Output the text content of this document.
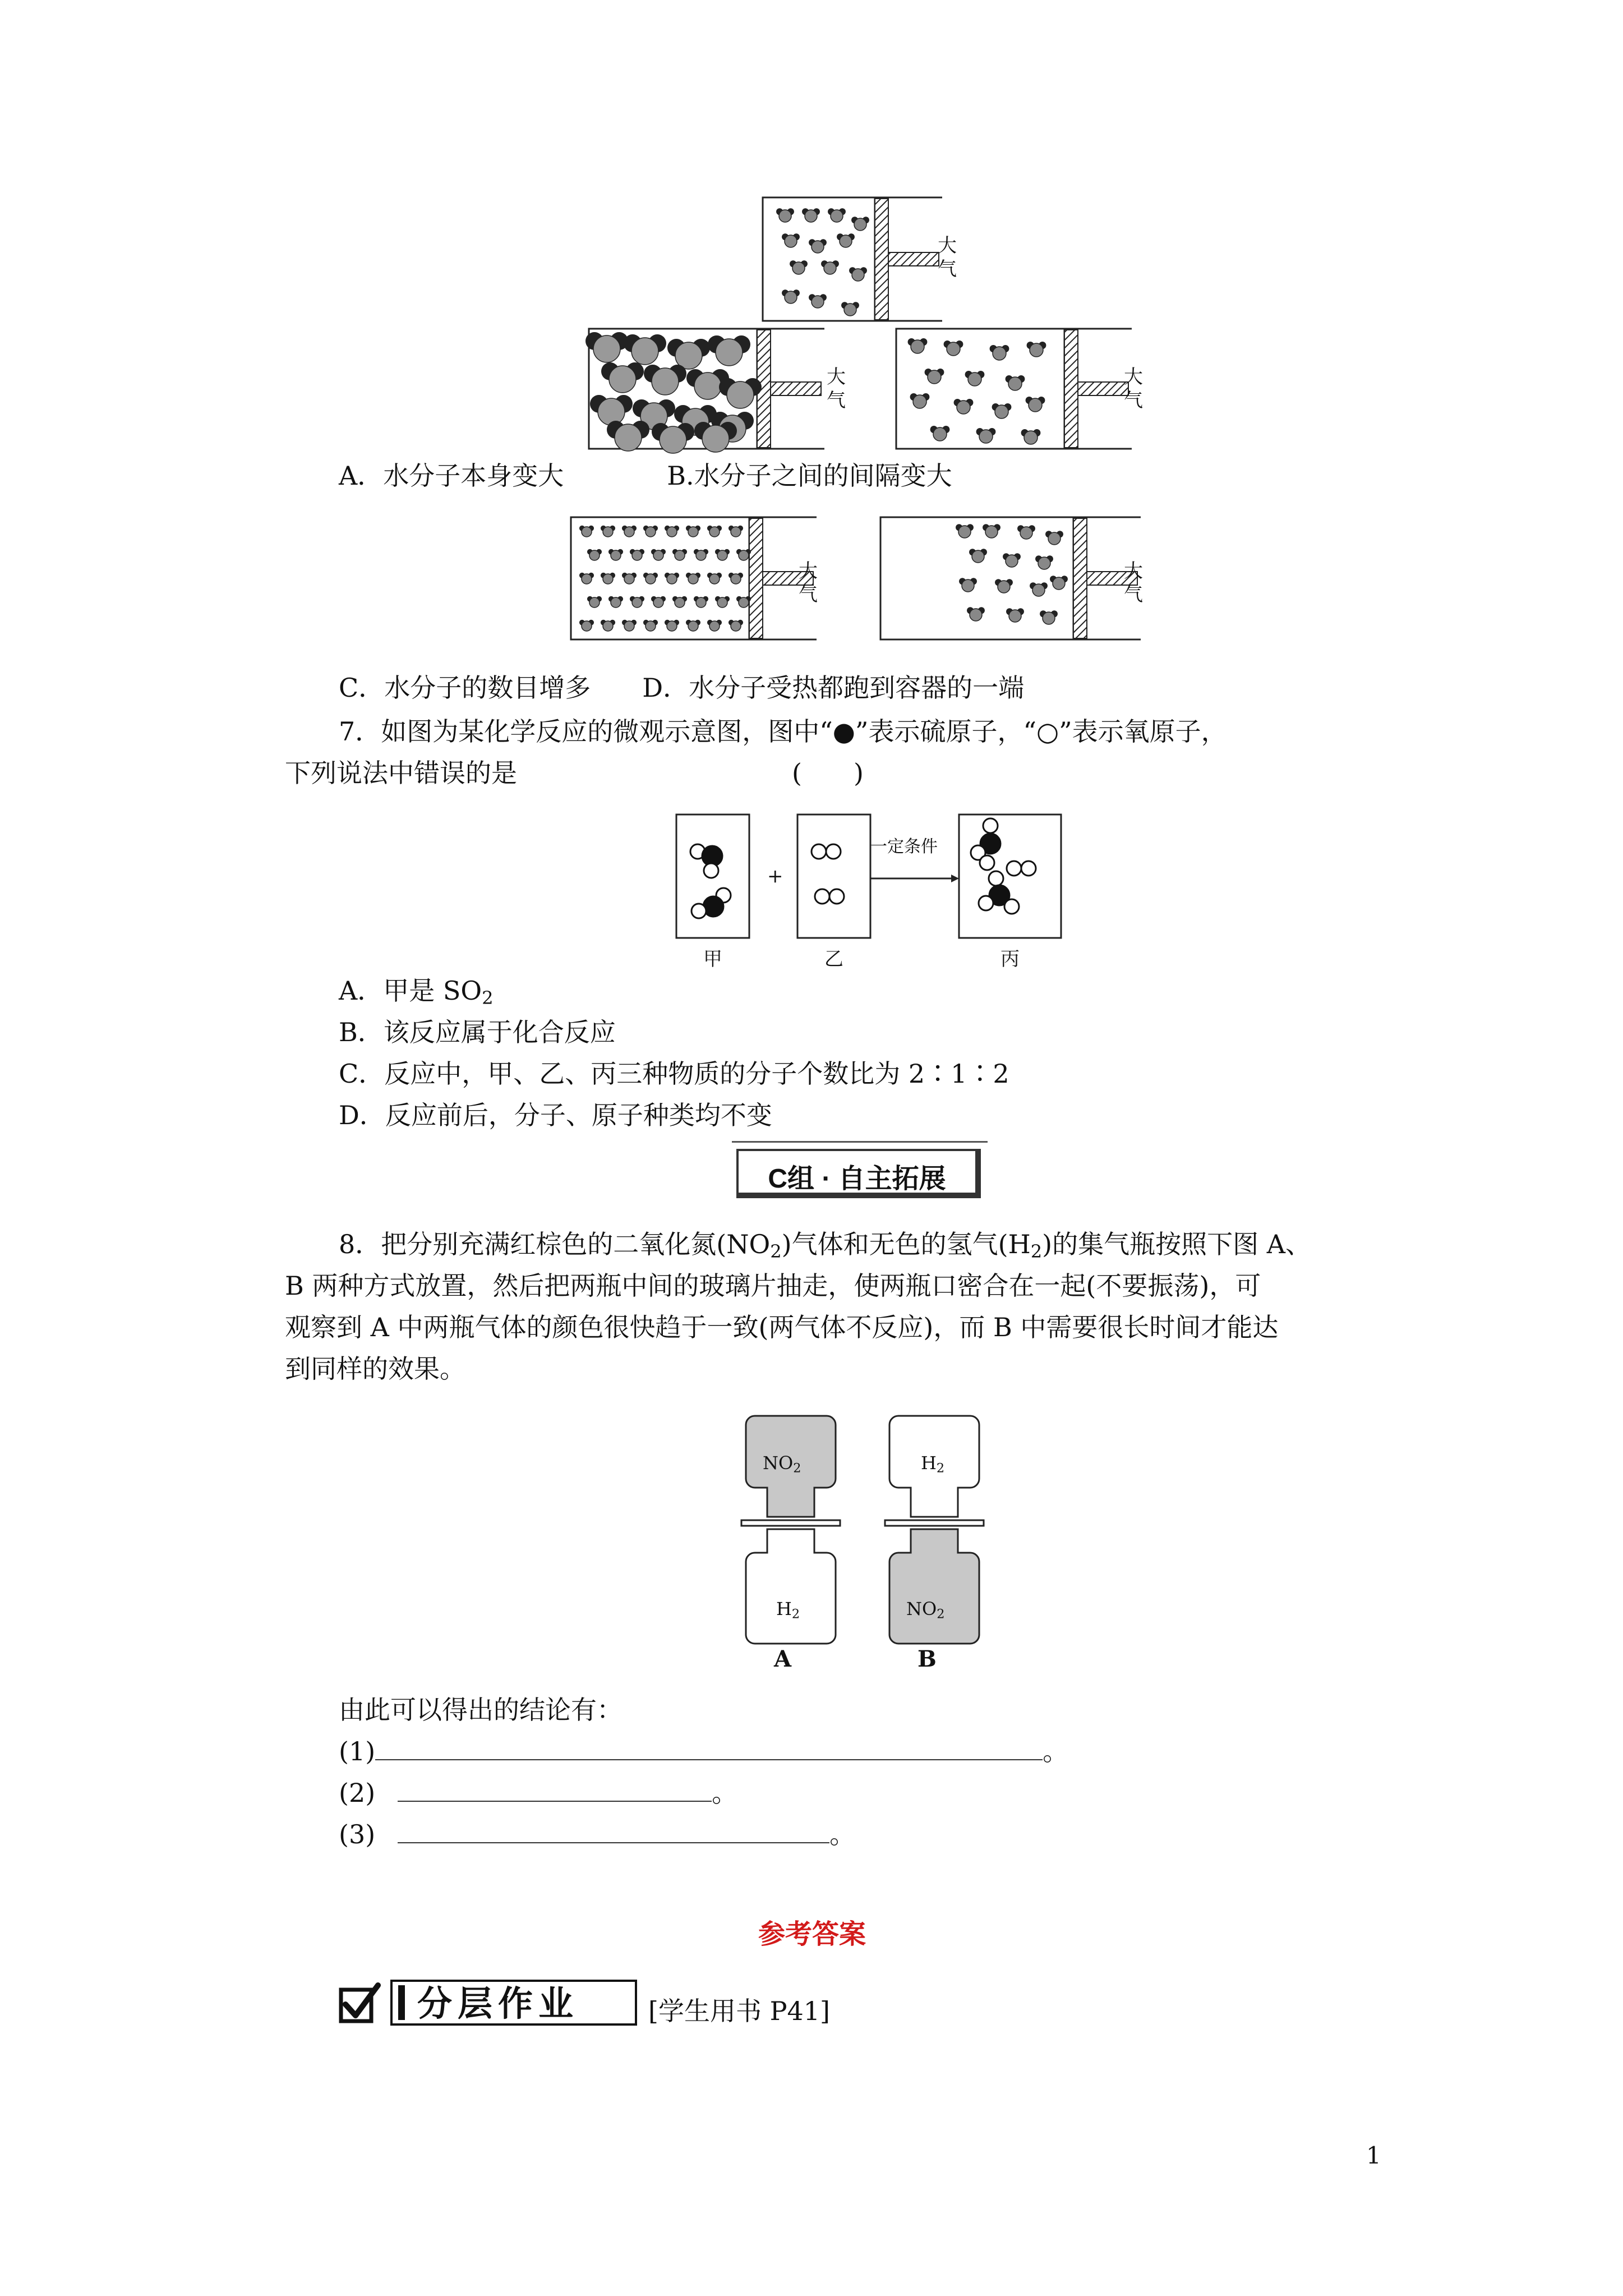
大
气
大
气
大
气
大
气
大
气
A．水分子本身变大　　　　B.水分子之间的间隔变大
C．水分子的数目增多　　D．水分子受热都跑到容器的一端
7．如图为某化学反应的微观示意图，图中“●”表示硫原子，“○”表示氧原子，
下列说法中错误的是	(　　)
+
一定条件
甲	乙	丙
A．甲是 $SO_2$
B．该反应属于化合反应
C．反应中，甲、乙、丙三种物质的分子个数比为 2∶1∶2
D．反应前后，分子、原子种类均不变
C组 · 自主拓展
8．把分别充满红棕色的二氧化氮$(NO_2)$气体和无色的氢气$(H_2)$的集气瓶按照下图 A、
B 两种方式放置，然后把两瓶中间的玻璃片抽走，使两瓶口密合在一起(不要振荡)，可
观察到 A 中两瓶气体的颜色很快趋于一致(两气体不反应)，而 B 中需要很长时间才能达
到同样的效果。
$NO_2$
$H_2$
$H_2$
$NO_2$
A	B
由此可以得出的结论有：
(1)	。
(2)	。
(3)	。
参考答案
分层作业	[学生用书 P41]
1
